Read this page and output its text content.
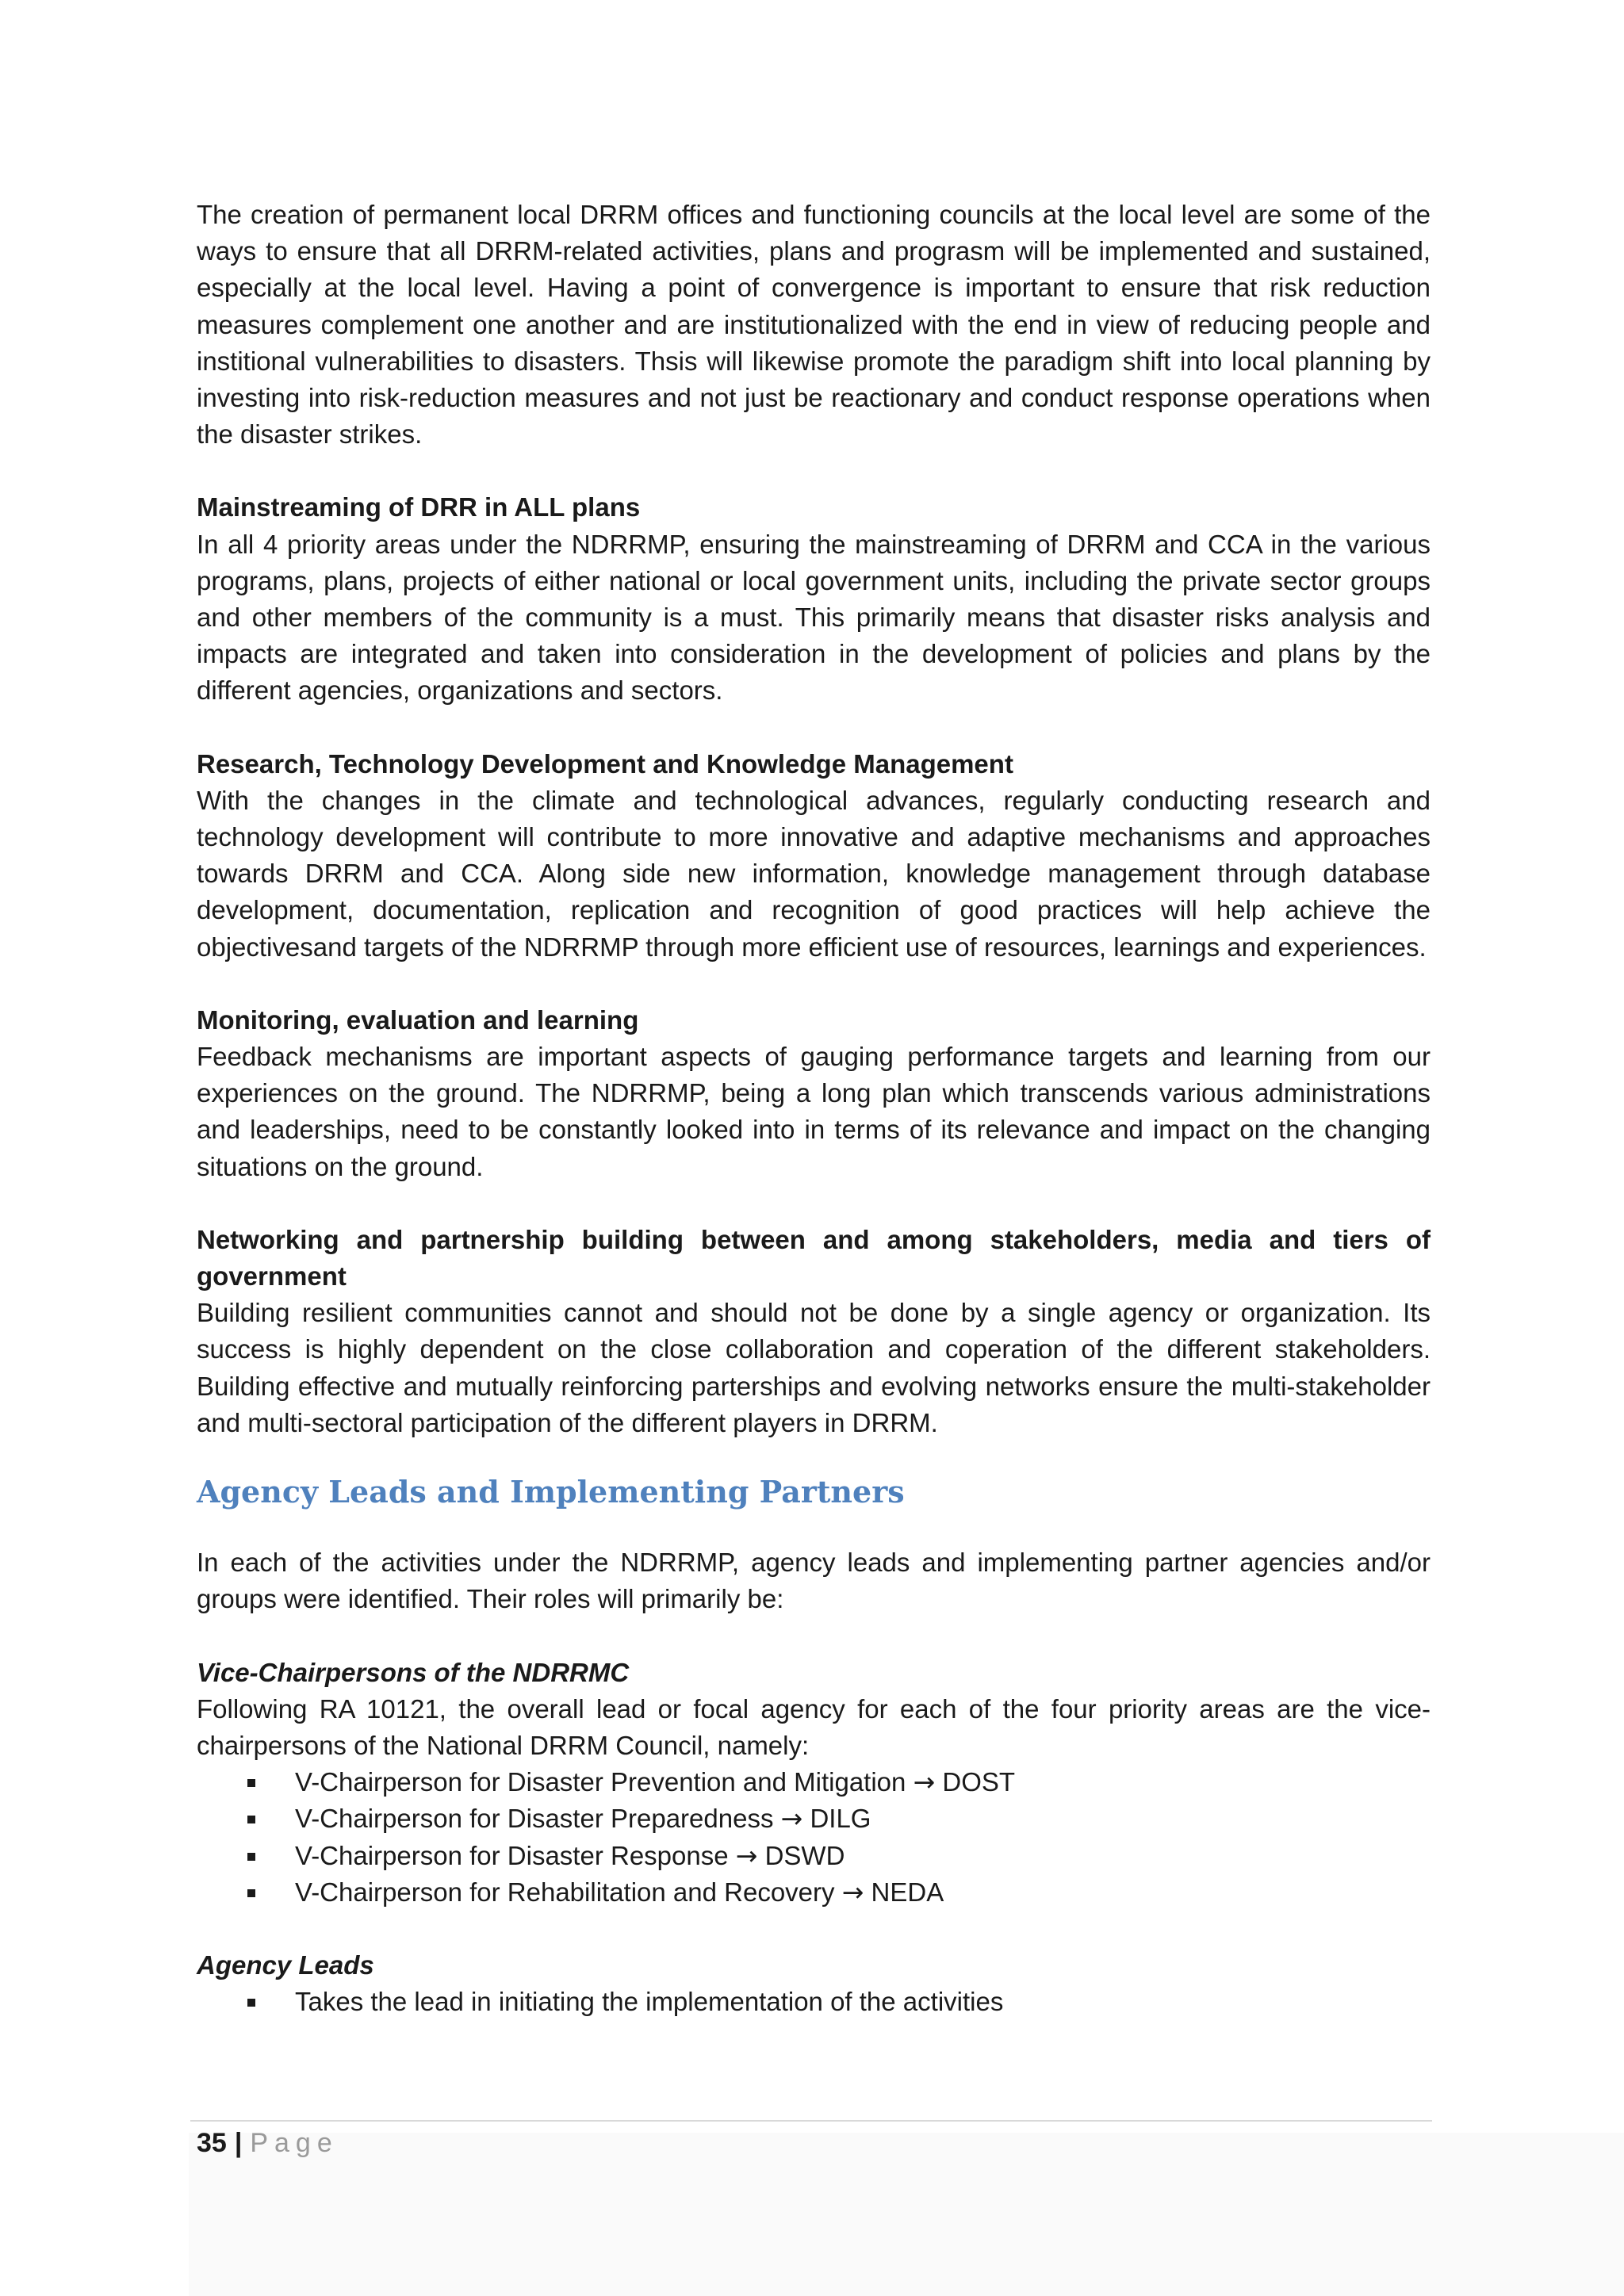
The creation of permanent local DRRM offices and functioning councils at the local level are some of the ways to ensure that all DRRM-related activities, plans and prograsm will be implemented and sustained, especially at the local level. Having a point of convergence is important to ensure that risk reduction measures complement one another and are institutionalized with the end in view of reducing people and institional vulnerabilities to disasters. Thsis will likewise promote the paradigm shift into local planning by investing into risk-reduction measures and not just be reactionary and conduct response operations when the disaster strikes.

Mainstreaming of DRR in ALL plans

In all 4 priority areas under the NDRRMP, ensuring the mainstreaming of DRRM and CCA in the various programs, plans, projects of either national or local government units, including the private sector groups and other members of the community is a must. This primarily means that disaster risks analysis and impacts are integrated and taken into consideration in the development of policies and plans by the different agencies, organizations and sectors.

Research, Technology Development and Knowledge Management

With the changes in the climate and technological advances, regularly conducting research and technology development will contribute to more innovative and adaptive mechanisms and approaches towards DRRM and CCA. Along side new information, knowledge management through database development, documentation, replication and recognition of good practices will help achieve the objectivesand targets of the NDRRMP through more efficient use of resources, learnings and experiences.

Monitoring, evaluation and learning

Feedback mechanisms are important aspects of gauging performance targets and learning from our experiences on the ground. The NDRRMP, being a long plan which transcends various administrations and leaderships, need to be constantly looked into in terms of its relevance and impact on the changing situations on the ground.

Networking and partnership building between and among stakeholders, media and tiers of government

Building resilient communities cannot and should not be done by a single agency or organization. Its success is highly dependent on the close collaboration and coperation of the different stakeholders. Building effective and mutually reinforcing parterships and evolving networks ensure the multi-stakeholder and multi-sectoral participation of the different players in DRRM.

Agency Leads and Implementing Partners

In each of the activities under the NDRRMP, agency leads and implementing partner agencies and/or groups were identified. Their roles will primarily be:

Vice-Chairpersons of the NDRRMC

Following RA 10121, the overall lead or focal agency for each of the four priority areas are the vice-chairpersons of the National DRRM Council, namely:

V-Chairperson for Disaster Prevention and Mitigation → DOST
V-Chairperson for Disaster Preparedness → DILG
V-Chairperson for Disaster Response → DSWD
V-Chairperson for Rehabilitation and Recovery → NEDA
Agency Leads
Takes the lead in initiating the implementation of the activities
35 | Page
